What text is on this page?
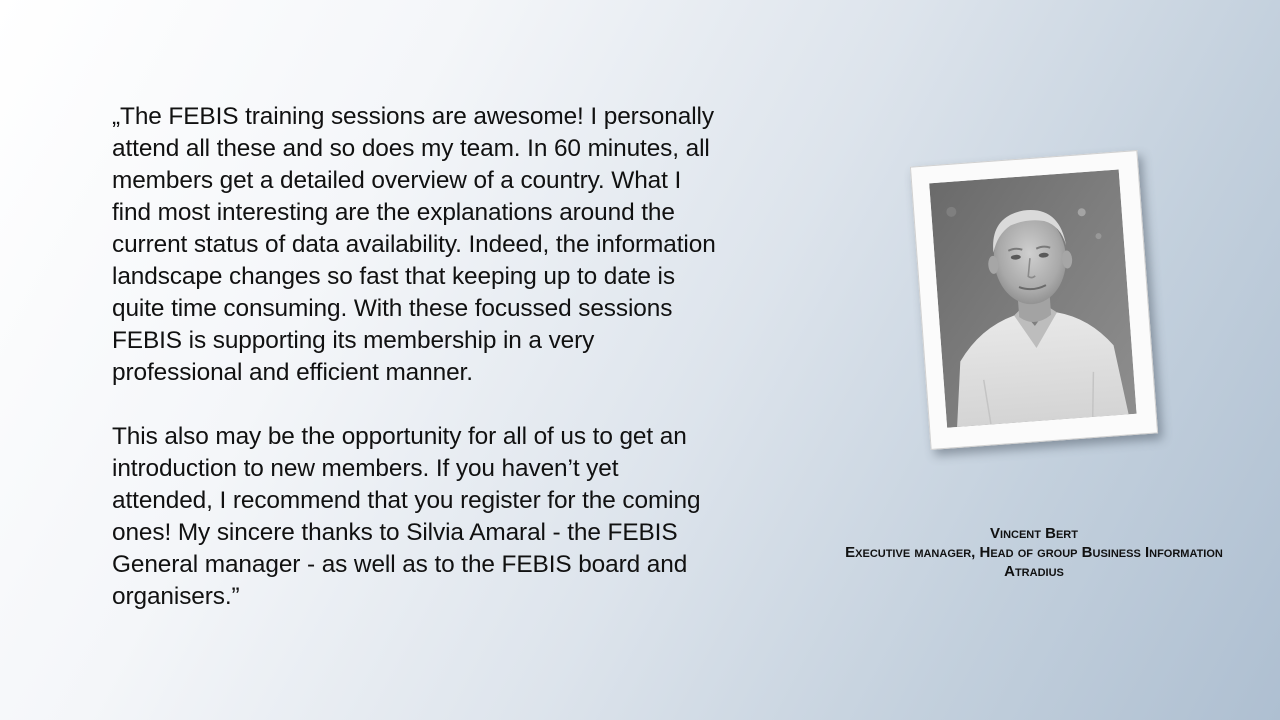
„The FEBIS training sessions are awesome! I personally
attend all these and so does my team. In 60 minutes, all
members get a detailed overview of a country. What I
find most interesting are the explanations around the
current status of data availability. Indeed, the information
landscape changes so fast that keeping up to date is
quite time consuming. With these focussed sessions
FEBIS is supporting its membership in a very
professional and efficient manner.

This also may be the opportunity for all of us to get an
introduction to new members. If you haven’t yet
attended, I recommend that you register for the coming
ones! My sincere thanks to Silvia Amaral - the FEBIS
General manager - as well as to the FEBIS board and
organisers.”

Vincent Bert
Executive manager, Head of group Business Information
Atradius
